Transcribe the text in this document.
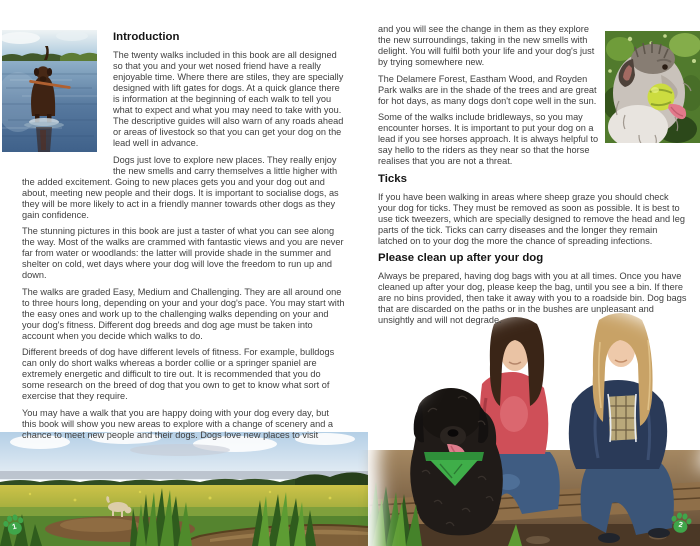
Introduction

The twenty walks included in this book are all designed so that you and your wet nosed friend have a really enjoyable time. Where there are stiles, they are specially designed with lift gates for dogs. At a quick glance there is information at the beginning of each walk to tell you what to expect and what you may need to take with you. The descriptive guides will also warn of any roads ahead or areas of livestock so that you can get your dog on the lead well in advance.

Dogs just love to explore new places. They really enjoy the new smells and carry themselves a little higher with the added excitement. Going to new places gets you and your dog out and about, meeting new people and their dogs. It is important to socialise dogs, as they will be more likely to act in a friendly manner towards other dogs as they gain confidence.

The stunning pictures in this book are just a taster of what you can see along the way. Most of the walks are crammed with fantastic views and you are never far from water or woodlands: the latter will provide shade in the summer and shelter on cold, wet days where your dog will love the freedom to run up and down.

The walks are graded Easy, Medium and Challenging. They are all around one to three hours long, depending on your and your dog's pace. You may start with the easy ones and work up to the challenging walks depending on your and your dog's fitness. Different dog breeds and dog age must be taken into account when you decide which walks to do.

Different breeds of dog have different levels of fitness. For example, bulldogs can only do short walks whereas a border collie or a springer spaniel are extremely energetic and difficult to tire out. It is recommended that you do some research on the breed of dog that you own to get to know what sort of exercise that they require.

You may have a walk that you are happy doing with your dog every day, but this book will show you new areas to explore with a change of scenery and a chance to meet new people and their dogs. Dogs love new places to visit

1

and you will see the change in them as they explore the new surroundings, taking in the new smells with delight. You will fulfil both your life and your dog's just by trying somewhere new.

The Delamere Forest, Eastham Wood, and Royden Park walks are in the shade of the trees and are great for hot days, as many dogs don't cope well in the sun.

Some of the walks include bridleways, so you may encounter horses. It is important to put your dog on a lead if you see horses approach. It is always helpful to say hello to the riders as they near so that the horse realises that you are not a threat.

Ticks

If you have been walking in areas where sheep graze you should check your dog for ticks. They must be removed as soon as possible. It is best to use tick tweezers, which are specially designed to remove the head and leg parts of the tick. Ticks can carry diseases and the longer they remain latched on to your dog the more the chance of spreading infections.

Please clean up after your dog

Always be prepared, having dog bags with you at all times. Once you have cleaned up after your dog, please keep the bag, until you see a bin. If there are no bins provided, then take it away with you to a roadside bin. Dog bags that are discarded on the paths or in the bushes are unpleasant and unsightly and will not degrade.

2
